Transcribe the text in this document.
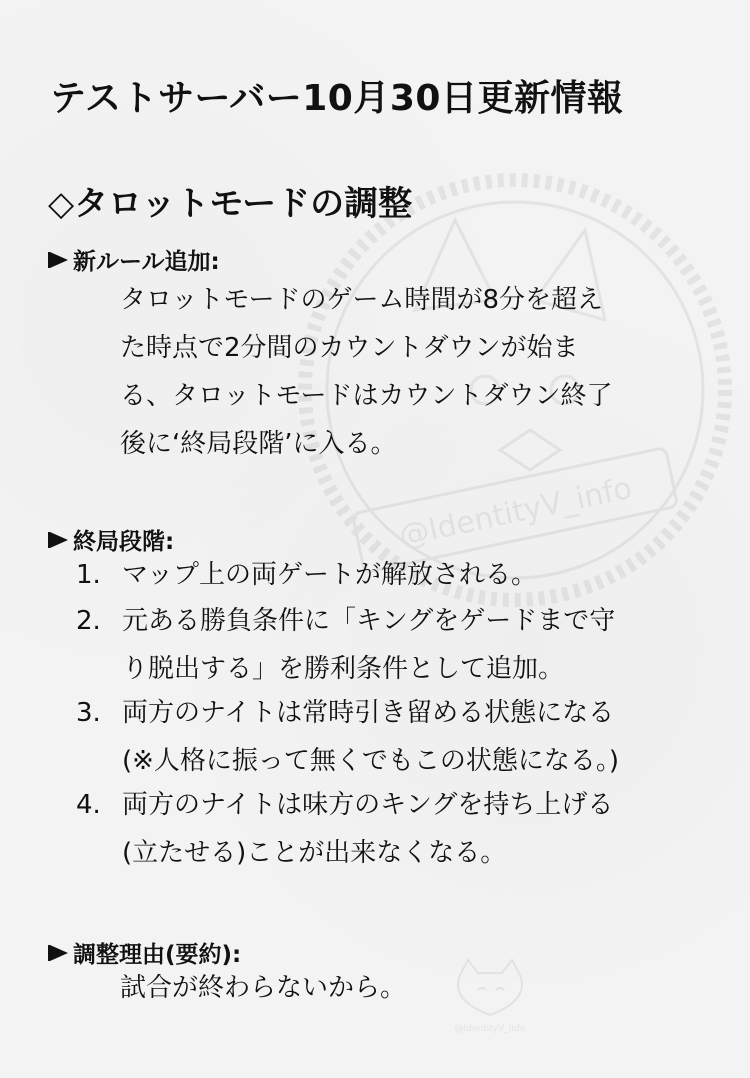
@IdentityV_info
@IdentityV_info
テストサーバー10月30日更新情報
◇タロットモードの調整
新ルール追加:
タロットモードのゲーム時間が8分を超え
た時点で2分間のカウントダウンが始ま
る、タロットモードはカウントダウン終了
後に‘終局段階’に入る。
終局段階:
1. マップ上の両ゲートが解放される。
2. 元ある勝負条件に「キングをゲードまで守
り脱出する」を勝利条件として追加。
3. 両方のナイトは常時引き留める状態になる
(※人格に振って無くでもこの状態になる。)
4. 両方のナイトは味方のキングを持ち上げる
(立たせる)ことが出来なくなる。
調整理由(要約):
試合が終わらないから。
